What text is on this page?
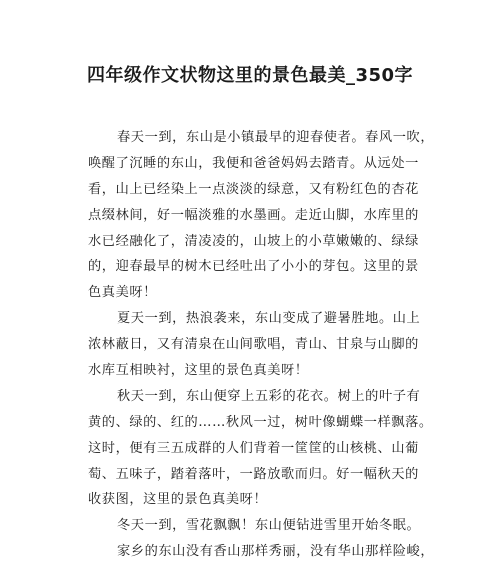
四年级作文状物这里的景色最美_350字
春天一到，东山是小镇最早的迎春使者。春风一吹，
唤醒了沉睡的东山，我便和爸爸妈妈去踏青。从远处一
看，山上已经染上一点淡淡的绿意，又有粉红色的杏花
点缀林间，好一幅淡雅的水墨画。走近山脚，水库里的
水已经融化了，清凌凌的，山坡上的小草嫩嫩的、绿绿
的，迎春最早的树木已经吐出了小小的芽包。这里的景
色真美呀！
夏天一到，热浪袭来，东山变成了避暑胜地。山上
浓林蔽日，又有清泉在山间歌唱，青山、甘泉与山脚的
水库互相映衬，这里的景色真美呀！
秋天一到，东山便穿上五彩的花衣。树上的叶子有
黄的、绿的、红的……秋风一过，树叶像蝴蝶一样飘落。
这时，便有三五成群的人们背着一筐筐的山核桃、山葡
萄、五味子，踏着落叶，一路放歌而归。好一幅秋天的
收获图，这里的景色真美呀！
冬天一到，雪花飘飘！东山便钻进雪里开始冬眠。
家乡的东山没有香山那样秀丽，没有华山那样险峻，
